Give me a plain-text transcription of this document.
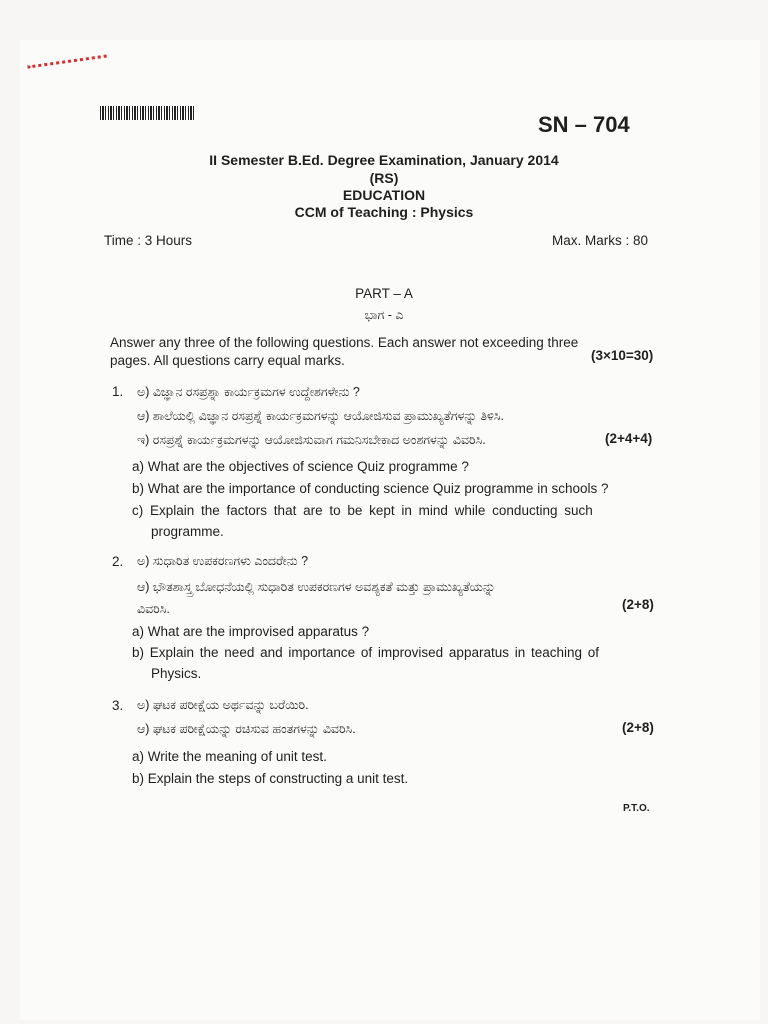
SN – 704
II Semester B.Ed. Degree Examination, January 2014
(RS)
EDUCATION
CCM of Teaching : Physics
Time : 3 Hours	Max. Marks : 80
PART – A
ಭಾಗ - ಎ
Answer any three of the following questions. Each answer not exceeding three
pages. All questions carry equal marks.	(3×10=30)
1. ಅ) ವಿಜ್ಞಾನ ರಸಪ್ರಶ್ನಾ ಕಾರ್ಯಕ್ರಮಗಳ ಉದ್ದೇಶಗಳೇನು ?
ಆ) ಶಾಲೆಯಲ್ಲಿ ವಿಜ್ಞಾನ ರಸಪ್ರಶ್ನೆ ಕಾರ್ಯಕ್ರಮಗಳನ್ನು ಆಯೋಜಿಸುವ ಪ್ರಾಮುಖ್ಯತೆಗಳನ್ನು ತಿಳಿಸಿ.
ಇ) ರಸಪ್ರಶ್ನೆ ಕಾರ್ಯಕ್ರಮಗಳನ್ನು ಆಯೋಜಿಸುವಾಗ ಗಮನಿಸಬೇಕಾದ ಅಂಶಗಳನ್ನು ವಿವರಿಸಿ.	(2+4+4)
a) What are the objectives of science Quiz programme ?
b) What are the importance of conducting science Quiz programme in schools ?
c) Explain the factors that are to be kept in mind while conducting such
programme.
2. ಅ) ಸುಧಾರಿತ ಉಪಕರಣಗಳು ಎಂದರೇನು ?
ಆ) ಭೌತಶಾಸ್ತ್ರ ಬೋಧನೆಯಲ್ಲಿ ಸುಧಾರಿತ ಉಪಕರಣಗಳ ಅವಶ್ಯಕತೆ ಮತ್ತು ಪ್ರಾಮುಖ್ಯತೆಯನ್ನು
ವಿವರಿಸಿ.	(2+8)
a) What are the improvised apparatus ?
b) Explain the need and importance of improvised apparatus in teaching of
Physics.
3. ಅ) ಘಟಕ ಪರೀಕ್ಷೆಯ ಅರ್ಥವನ್ನು ಬರೆಯಿರಿ.
ಆ) ಘಟಕ ಪರೀಕ್ಷೆಯನ್ನು ರಚಿಸುವ ಹಂತಗಳನ್ನು ವಿವರಿಸಿ.	(2+8)
a) Write the meaning of unit test.
b) Explain the steps of constructing a unit test.
P.T.O.
